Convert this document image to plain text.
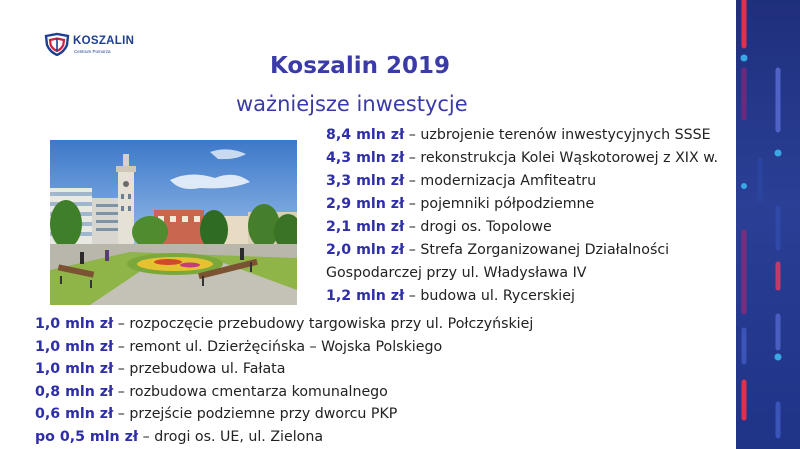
KOSZALIN
Centrum Pomorza
Koszalin 2019
ważniejsze inwestycje
8,4 mln zł – uzbrojenie terenów inwestycyjnych SSSE
4,3 mln zł – rekonstrukcja Kolei Wąskotorowej z XIX w.
3,3 mln zł – modernizacja Amfiteatru
2,9 mln zł – pojemniki półpodziemne
2,1 mln zł – drogi os. Topolowe
2,0 mln zł – Strefa Zorganizowanej Działalności
Gospodarczej przy ul. Władysława IV
1,2 mln zł – budowa ul. Rycerskiej
1,0 mln zł – rozpoczęcie przebudowy targowiska przy ul. Połczyńskiej
1,0 mln zł – remont ul. Dzierżęcińska – Wojska Polskiego
1,0 mln zł – przebudowa ul. Fałata
0,8 mln zł – rozbudowa cmentarza komunalnego
0,6 mln zł – przejście podziemne przy dworcu PKP
po 0,5 mln zł – drogi os. UE, ul. Zielona
